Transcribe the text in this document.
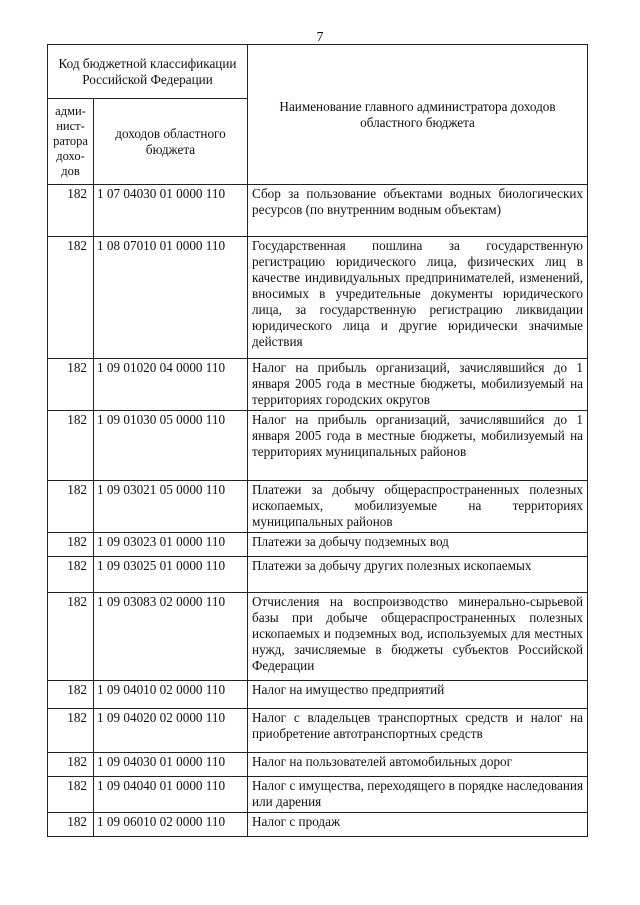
7
Код бюджетной классификации Российской Федерации		Наименование главного администратора доходов областного бюджета
адми- нист- ратора дохо- дов	доходов областного бюджета	
182	1 07 04030 01 0000 110	Сбор за пользование объектами водных биологических ресурсов (по внутренним водным объектам)
182	1 08 07010 01 0000 110	Государственная пошлина за государственную регистрацию юридического лица, физических лиц в качестве индивидуальных предпринимателей, изменений, вносимых в учредительные документы юридического лица, за государственную регистрацию ликвидации юридического лица и другие юридически значимые действия
182	1 09 01020 04 0000 110	Налог на прибыль организаций, зачислявшийся до 1 января 2005 года в местные бюджеты, мобилизуемый на территориях городских округов
182	1 09 01030 05 0000 110	Налог на прибыль организаций, зачислявшийся до 1 января 2005 года в местные бюджеты, мобилизуемый на территориях муниципальных районов
182	1 09 03021 05 0000 110	Платежи за добычу общераспространенных полезных ископаемых, мобилизуемые на территориях муниципальных районов
182	1 09 03023 01 0000 110	Платежи за добычу подземных вод
182	1 09 03025 01 0000 110	Платежи за добычу других полезных ископаемых
182	1 09 03083 02 0000 110	Отчисления на воспроизводство минерально-сырьевой базы при добыче общераспространенных полезных ископаемых и подземных вод, используемых для местных нужд, зачисляемые в бюджеты субъектов Российской Федерации
182	1 09 04010 02 0000 110	Налог на имущество предприятий
182	1 09 04020 02 0000 110	Налог с владельцев транспортных средств и налог на приобретение автотранспортных средств
182	1 09 04030 01 0000 110	Налог на пользователей автомобильных дорог
182	1 09 04040 01 0000 110	Налог с имущества, переходящего в порядке наследования или дарения
182	1 09 06010 02 0000 110	Налог с продаж
